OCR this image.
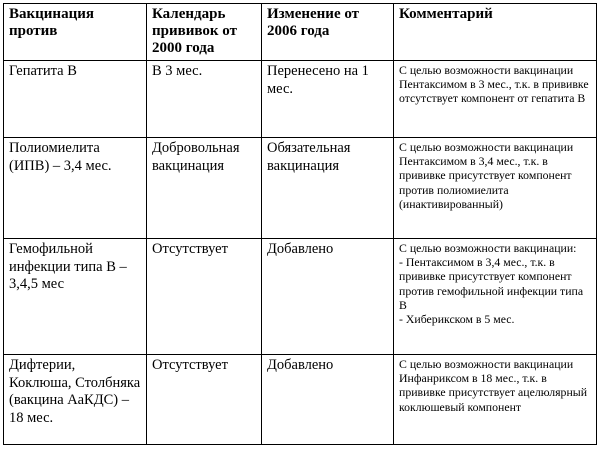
Вакцинация против	Календарь прививок от 2000 года	Изменение от 2006 года	Комментарий
Гепатита В	В 3 мес.	Перенесено на 1 мес.	С целью возможности вакцинации Пентаксимом в 3 мес., т.к. в прививке отсутствует компонент от гепатита В
Полиомиелита (ИПВ) – 3,4 мес.	Добровольная вакцинация	Обязательная вакцинация	С целью возможности вакцинации Пентаксимом в 3,4 мес., т.к. в прививке присутствует компонент против полиомиелита (инактивированный)
Гемофильной инфекции типа В – 3,4,5 мес	Отсутствует	Добавлено	С целью возможности вакцинации:
- Пентаксимом в 3,4 мес., т.к. в прививке присутствует компонент против гемофильной инфекции типа В
- Хиберикском в 5 мес.
Дифтерии, Коклюша, Столбняка (вакцина АаКДС) – 18 мес.	Отсутствует	Добавлено	С целью возможности вакцинации Инфанриксом в 18 мес., т.к. в прививке присутствует ацелюлярный коклюшевый компонент
